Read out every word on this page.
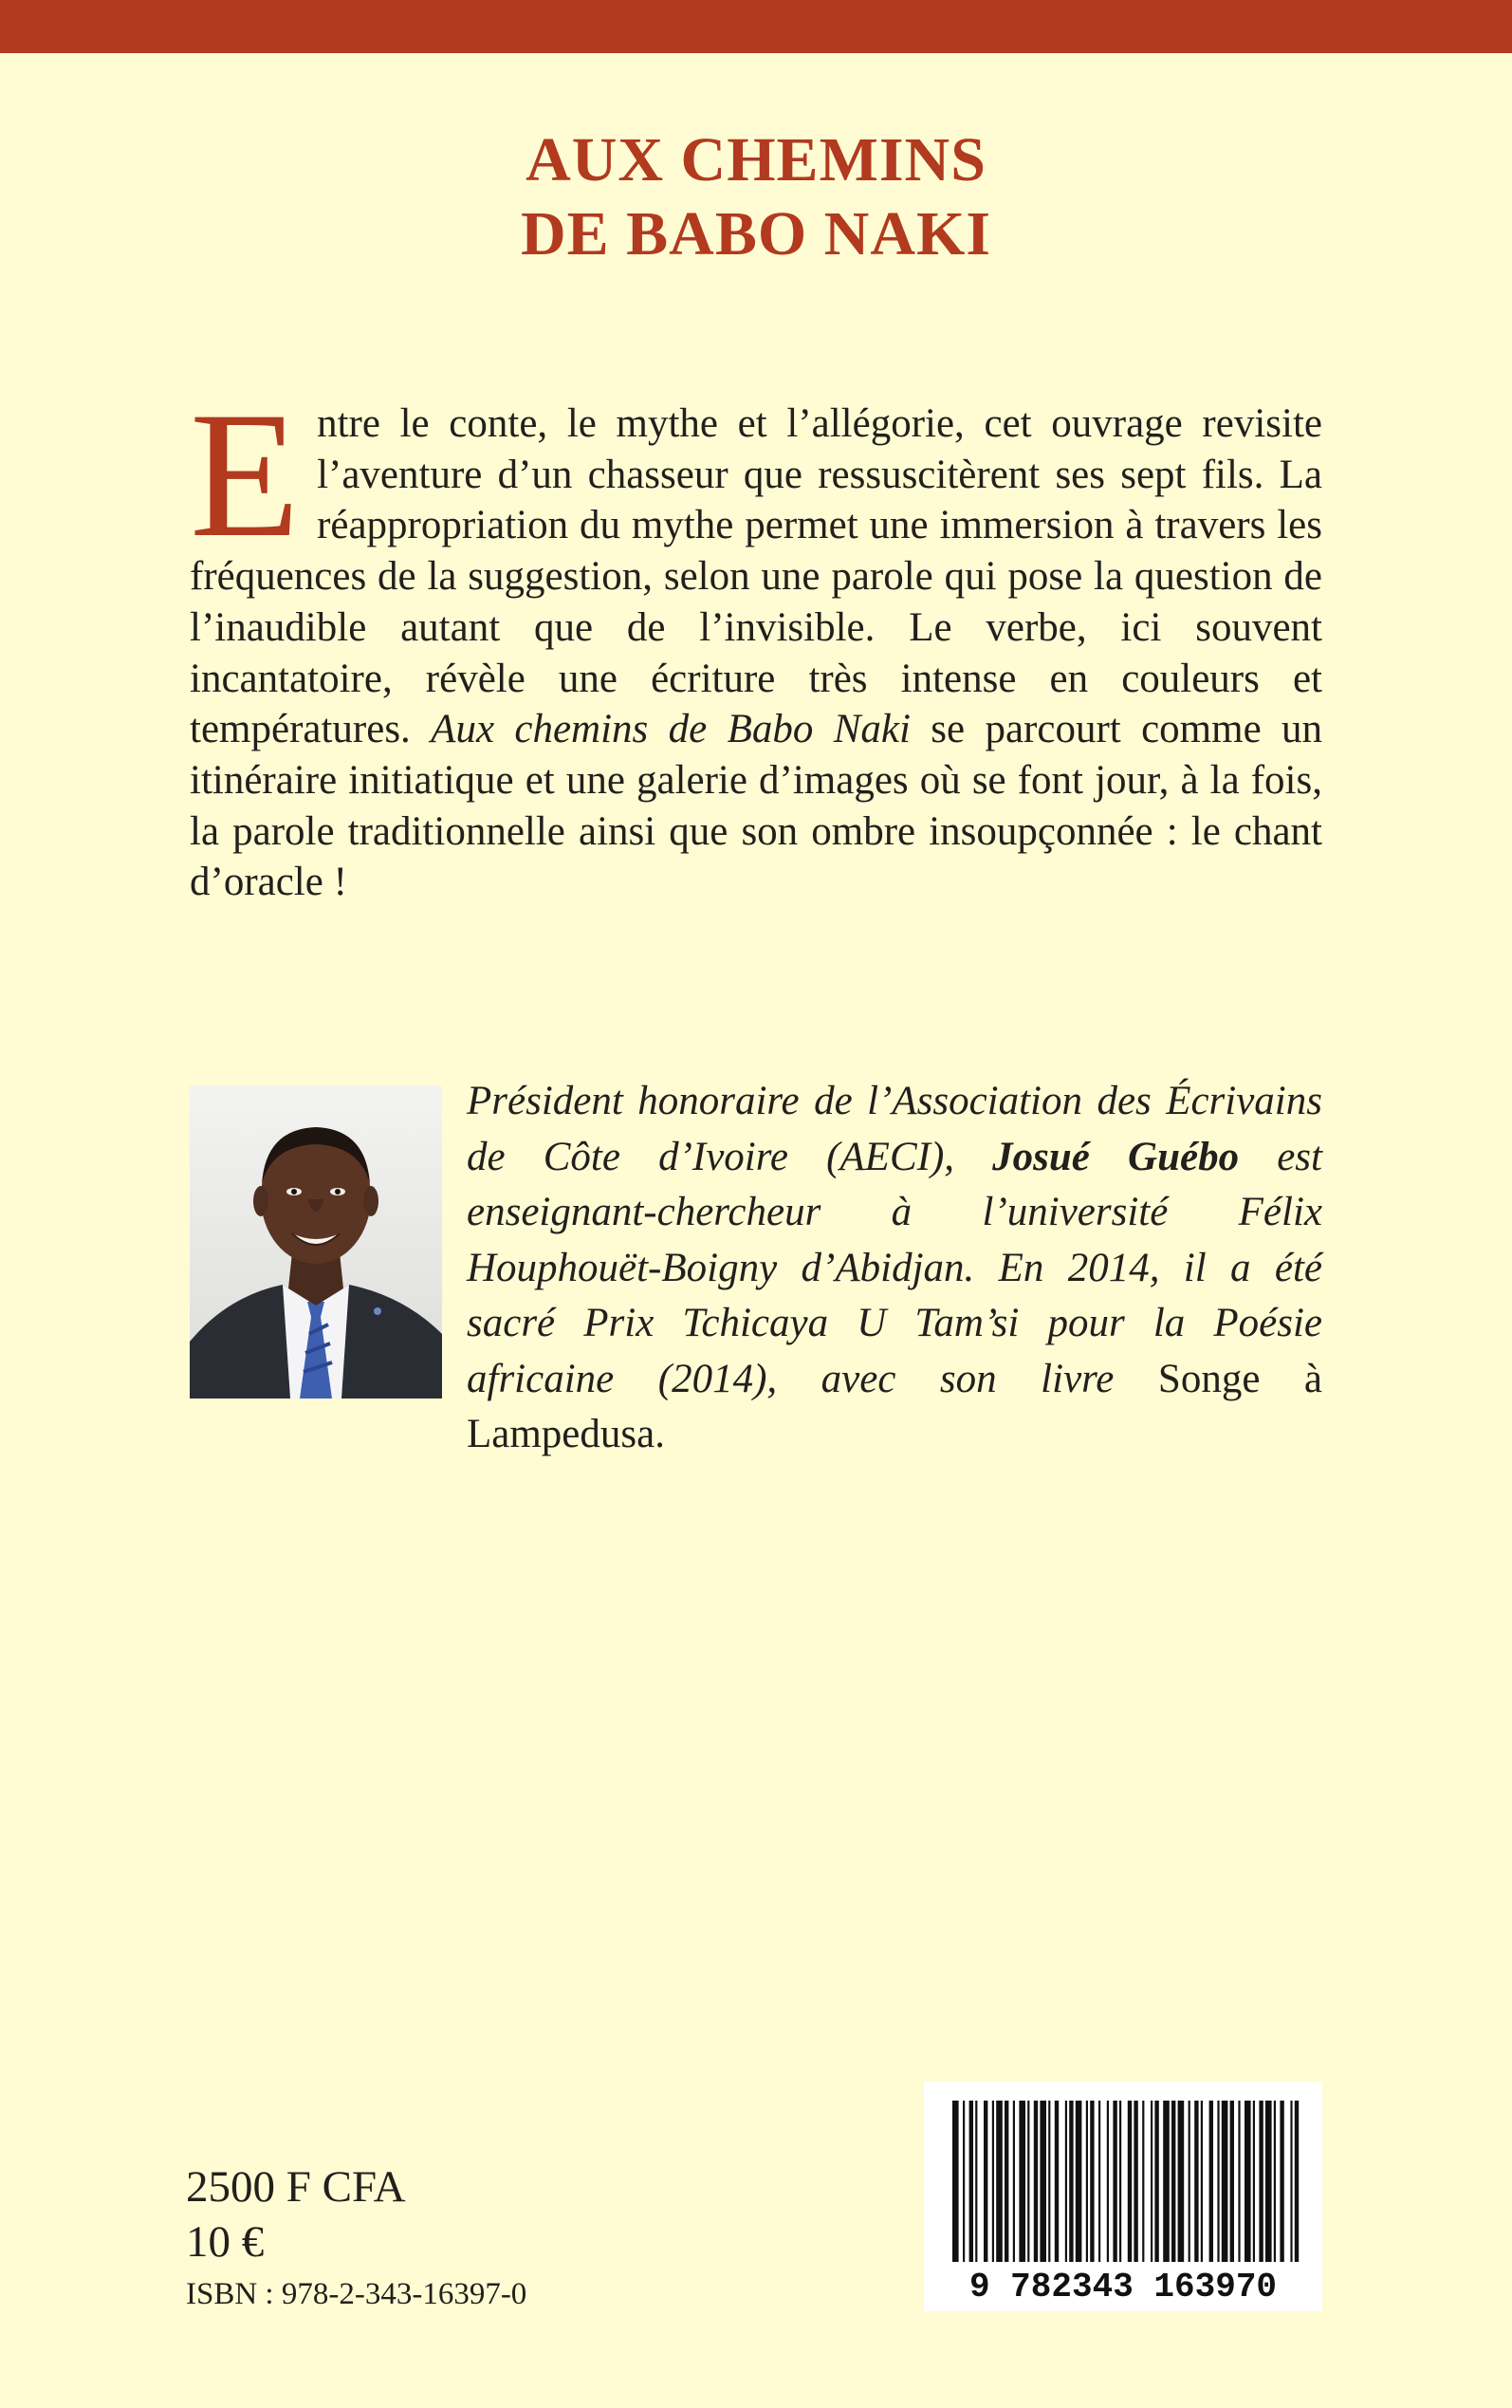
AUX CHEMINS
DE BABO NAKI

Entre le conte, le mythe et l’allégorie, cet ouvrage revisite l’aventure d’un chasseur que ressuscitèrent ses sept fils. La réappropriation du mythe permet une immersion à travers les fréquences de la suggestion, selon une parole qui pose la question de l’inaudible autant que de l’invisible. Le verbe, ici souvent incantatoire, révèle une écriture très intense en couleurs et températures. Aux chemins de Babo Naki se parcourt comme un itinéraire initiatique et une galerie d’images où se font jour, à la fois, la parole traditionnelle ainsi que son ombre insoupçonnée : le chant d’oracle !

Président honoraire de l’Association des Écrivains de Côte d’Ivoire (AECI), Josué Guébo est enseignant-chercheur à l’université Félix Houphouët-Boigny d’Abidjan. En 2014, il a été sacré Prix Tchicaya U Tam’si pour la Poésie africaine (2014), avec son livre Songe à Lampedusa.

2500 F CFA
10 €
ISBN : 978-2-343-16397-0	9 782343 163970
